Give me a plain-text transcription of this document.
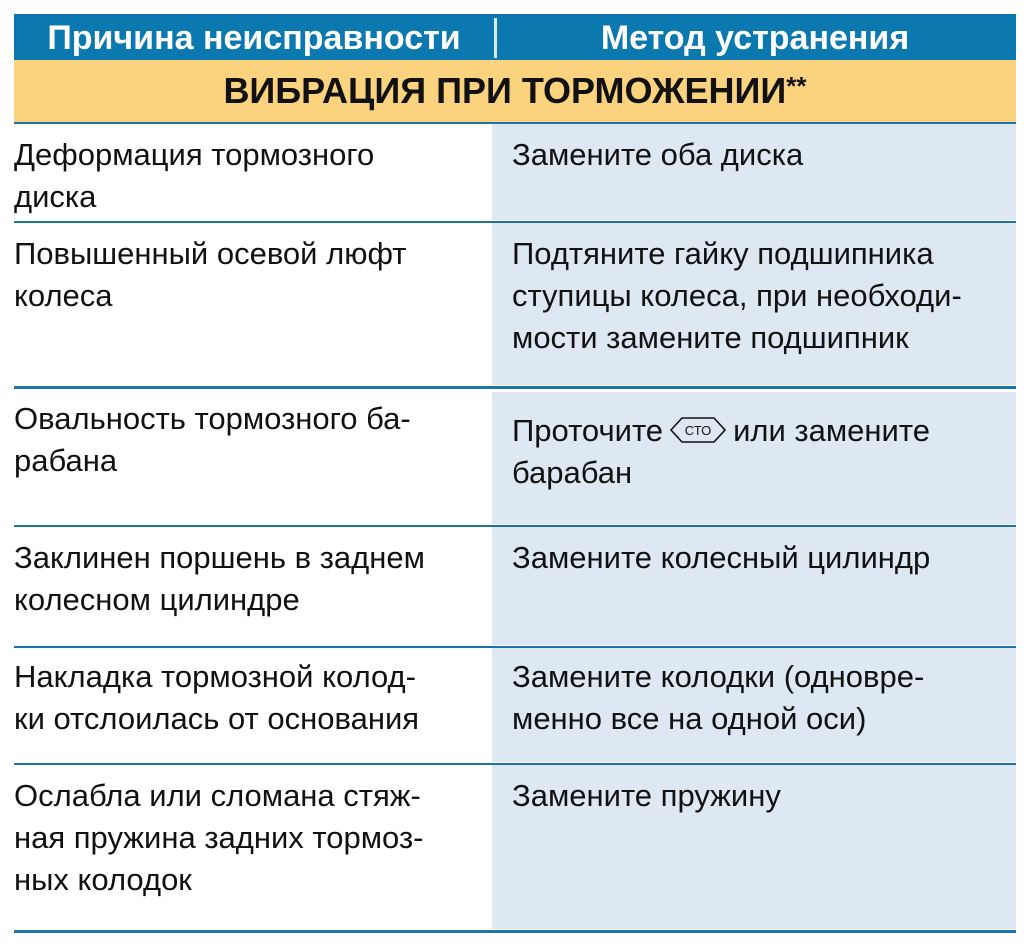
Причина неисправности	Метод устранения
ВИБРАЦИЯ ПРИ ТОРМОЖЕНИИ**
Деформация тормозного
диска
Замените оба диска
Повышенный осевой люфт
колеса
Подтяните гайку подшипника
ступицы колеса, при необходи-
мости замените подшипник
Овальность тормозного ба-
рабана
Проточите СТО или замените
барабан
Заклинен поршень в заднем
колесном цилиндре
Замените колесный цилиндр
Накладка тормозной колод-
ки отслоилась от основания
Замените колодки (одновре-
менно все на одной оси)
Ослабла или сломана стяж-
ная пружина задних тормоз-
ных колодок
Замените пружину
